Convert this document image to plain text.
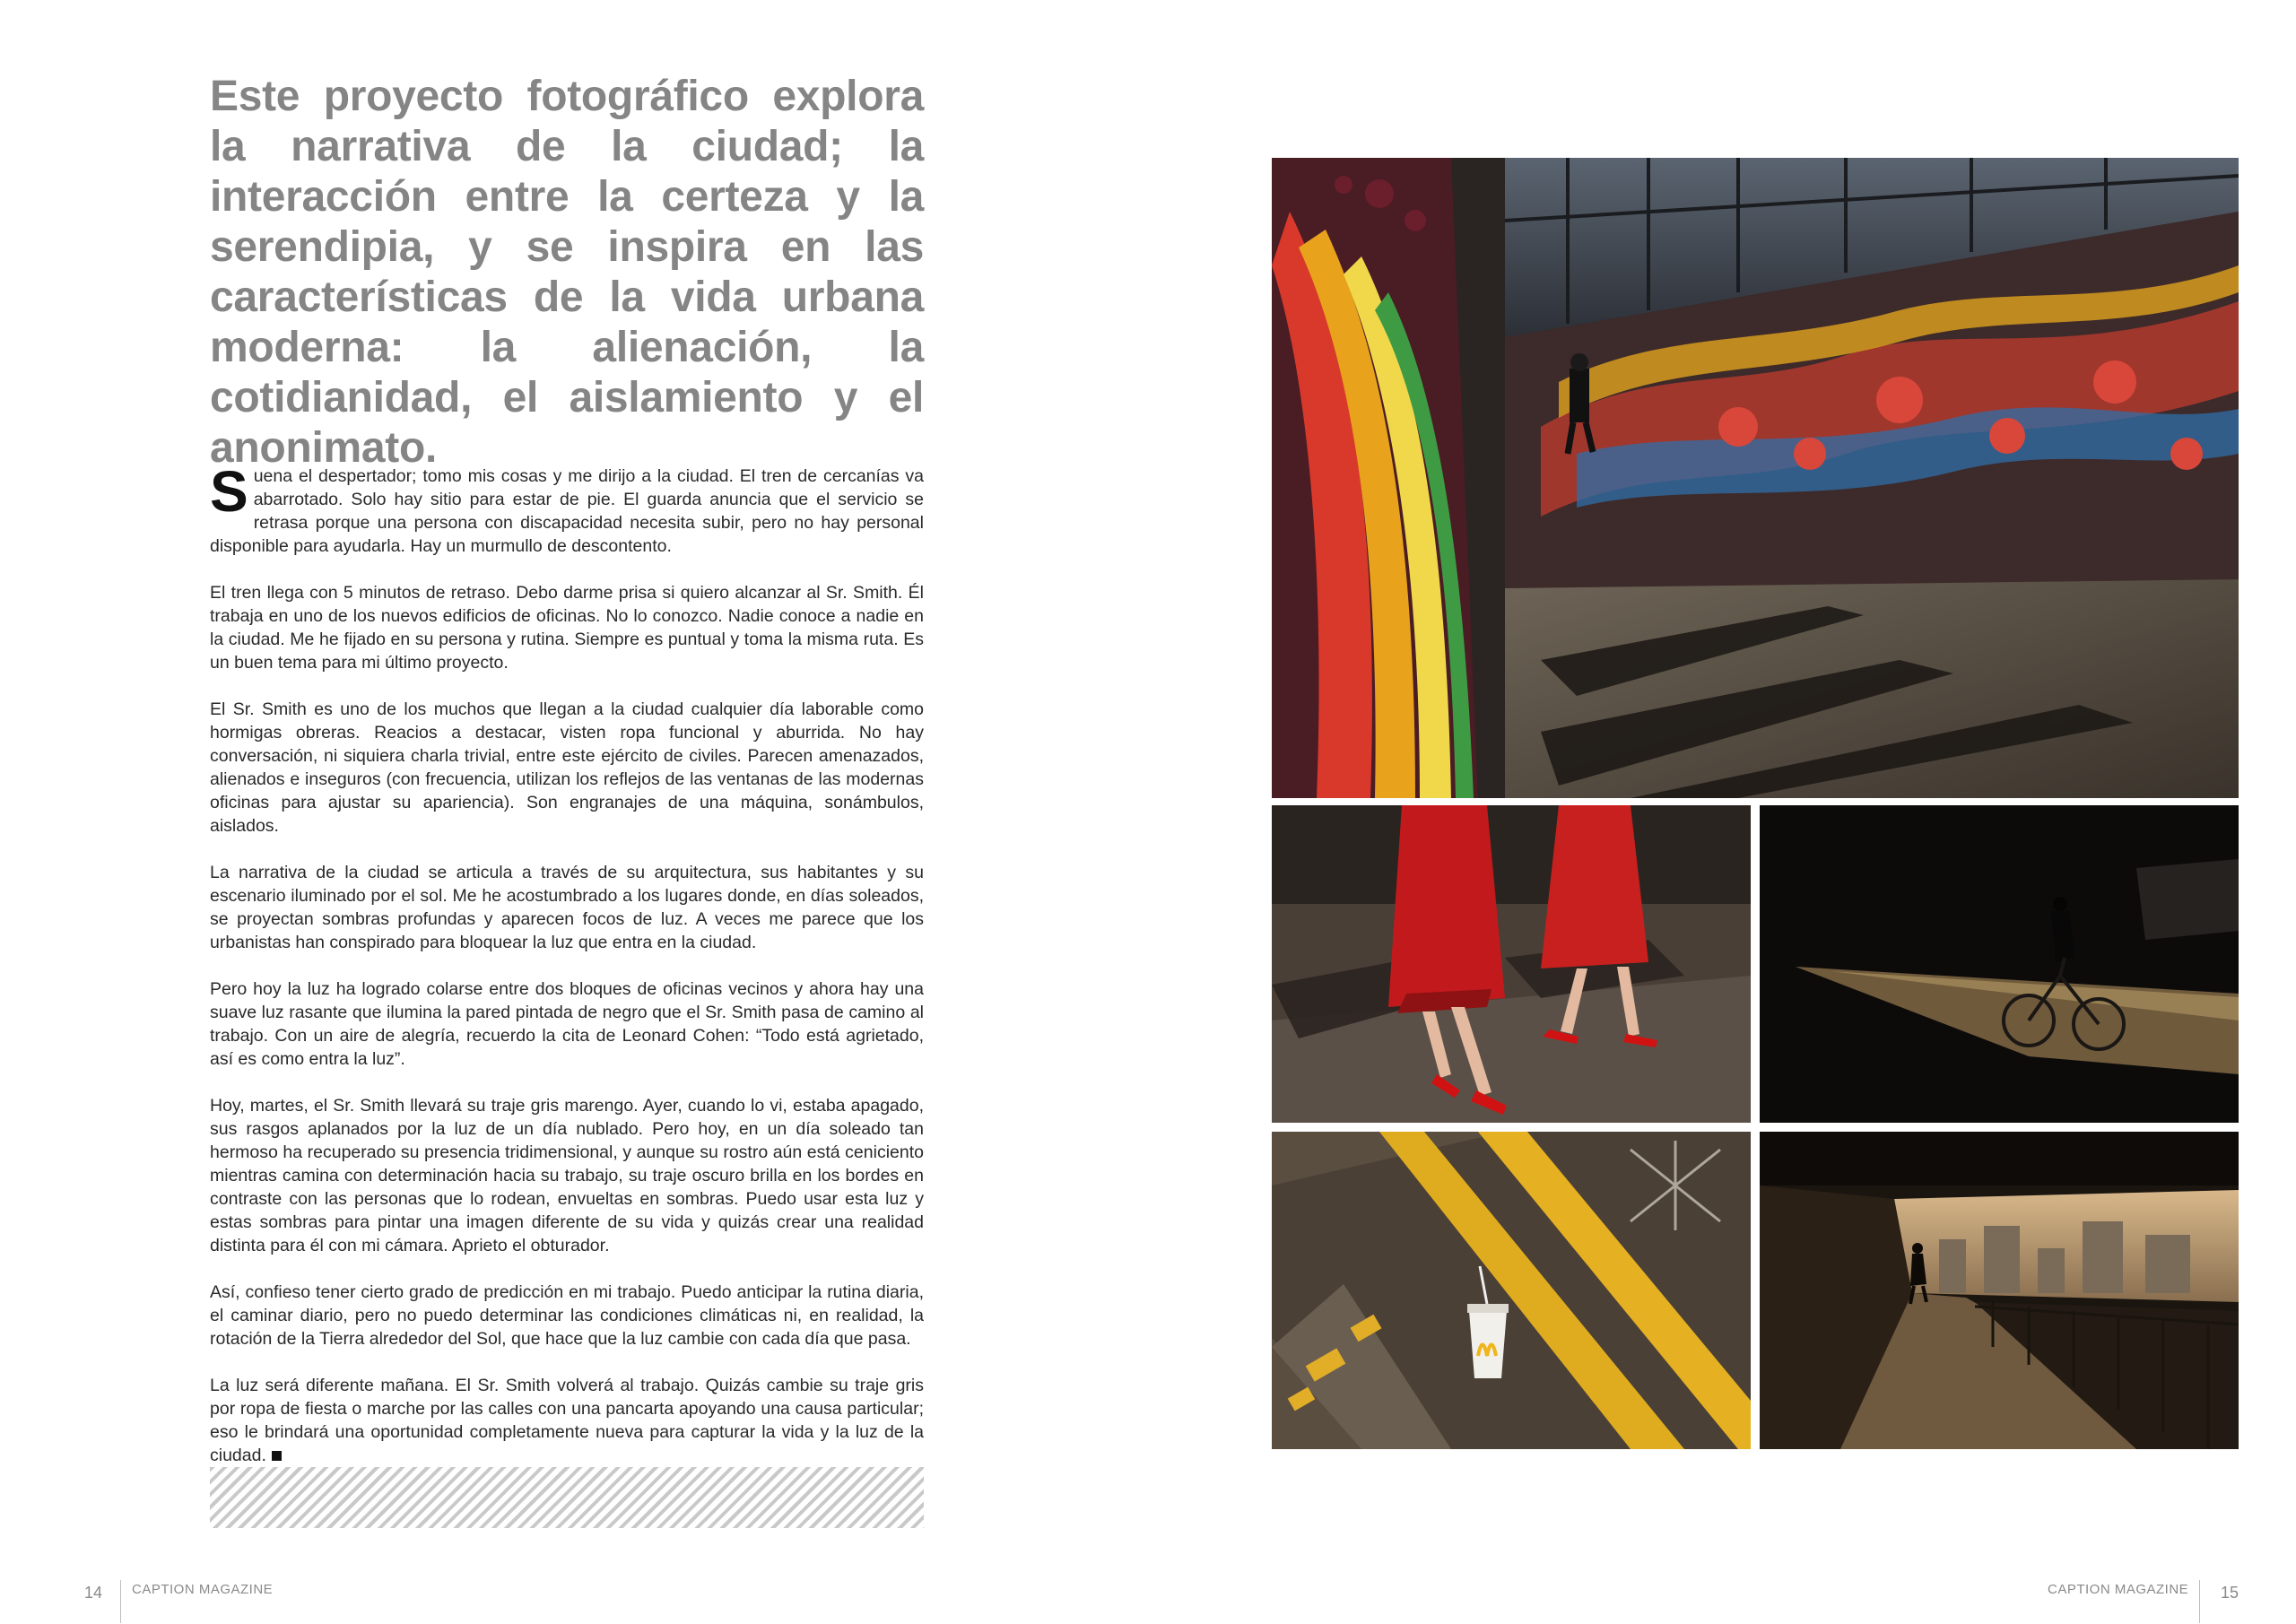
Este proyecto fotográfico explora la narrativa de la ciudad; la interacción entre la certeza y la serendipia, y se inspira en las características de la vida urbana moderna: la alienación, la cotidianidad, el aislamiento y el anonimato.

Suena el despertador; tomo mis cosas y me dirijo a la ciudad. El tren de cercanías va abarrotado. Solo hay sitio para estar de pie. El guarda anuncia que el servicio se retrasa porque una persona con discapacidad necesita subir, pero no hay personal disponible para ayudarla. Hay un murmullo de descontento.

El tren llega con 5 minutos de retraso. Debo darme prisa si quiero alcanzar al Sr. Smith. Él trabaja en uno de los nuevos edificios de oficinas. No lo conozco. Nadie conoce a nadie en la ciudad. Me he fijado en su persona y rutina. Siempre es puntual y toma la misma ruta. Es un buen tema para mi último proyecto.

El Sr. Smith es uno de los muchos que llegan a la ciudad cualquier día laborable como hormigas obreras. Reacios a destacar, visten ropa funcional y aburrida. No hay conversación, ni siquiera charla trivial, entre este ejército de civiles. Parecen amenazados, alienados e inseguros (con frecuencia, utilizan los reflejos de las ventanas de las modernas oficinas para ajustar su apariencia). Son engranajes de una máquina, sonámbulos, aislados.

La narrativa de la ciudad se articula a través de su arquitectura, sus habitantes y su escenario iluminado por el sol. Me he acostumbrado a los lugares donde, en días soleados, se proyectan sombras profundas y aparecen focos de luz. A veces me parece que los urbanistas han conspirado para bloquear la luz que entra en la ciudad.

Pero hoy la luz ha logrado colarse entre dos bloques de oficinas vecinos y ahora hay una suave luz rasante que ilumina la pared pintada de negro que el Sr. Smith pasa de camino al trabajo. Con un aire de alegría, recuerdo la cita de Leonard Cohen: “Todo está agrietado, así es como entra la luz”.

Hoy, martes, el Sr. Smith llevará su traje gris marengo. Ayer, cuando lo vi, estaba apagado, sus rasgos aplanados por la luz de un día nublado. Pero hoy, en un día soleado tan hermoso ha recuperado su presencia tridimensional, y aunque su rostro aún está ceniciento mientras camina con determinación hacia su trabajo, su traje oscuro brilla en los bordes en contraste con las personas que lo rodean, envueltas en sombras. Puedo usar esta luz y estas sombras para pintar una imagen diferente de su vida y quizás crear una realidad distinta para él con mi cámara. Aprieto el obturador.

Así, confieso tener cierto grado de predicción en mi trabajo. Puedo anticipar la rutina diaria, el caminar diario, pero no puedo determinar las condiciones climáticas ni, en realidad, la rotación de la Tierra alrededor del Sol, que hace que la luz cambie con cada día que pasa.

La luz será diferente mañana. El Sr. Smith volverá al trabajo. Quizás cambie su traje gris por ropa de fiesta o marche por las calles con una pancarta apoyando una causa particular; eso le brindará una oportunidad completamente nueva para capturar la vida y la luz de la ciudad.

14 CAPTION MAGAZINE	CAPTION MAGAZINE 15
